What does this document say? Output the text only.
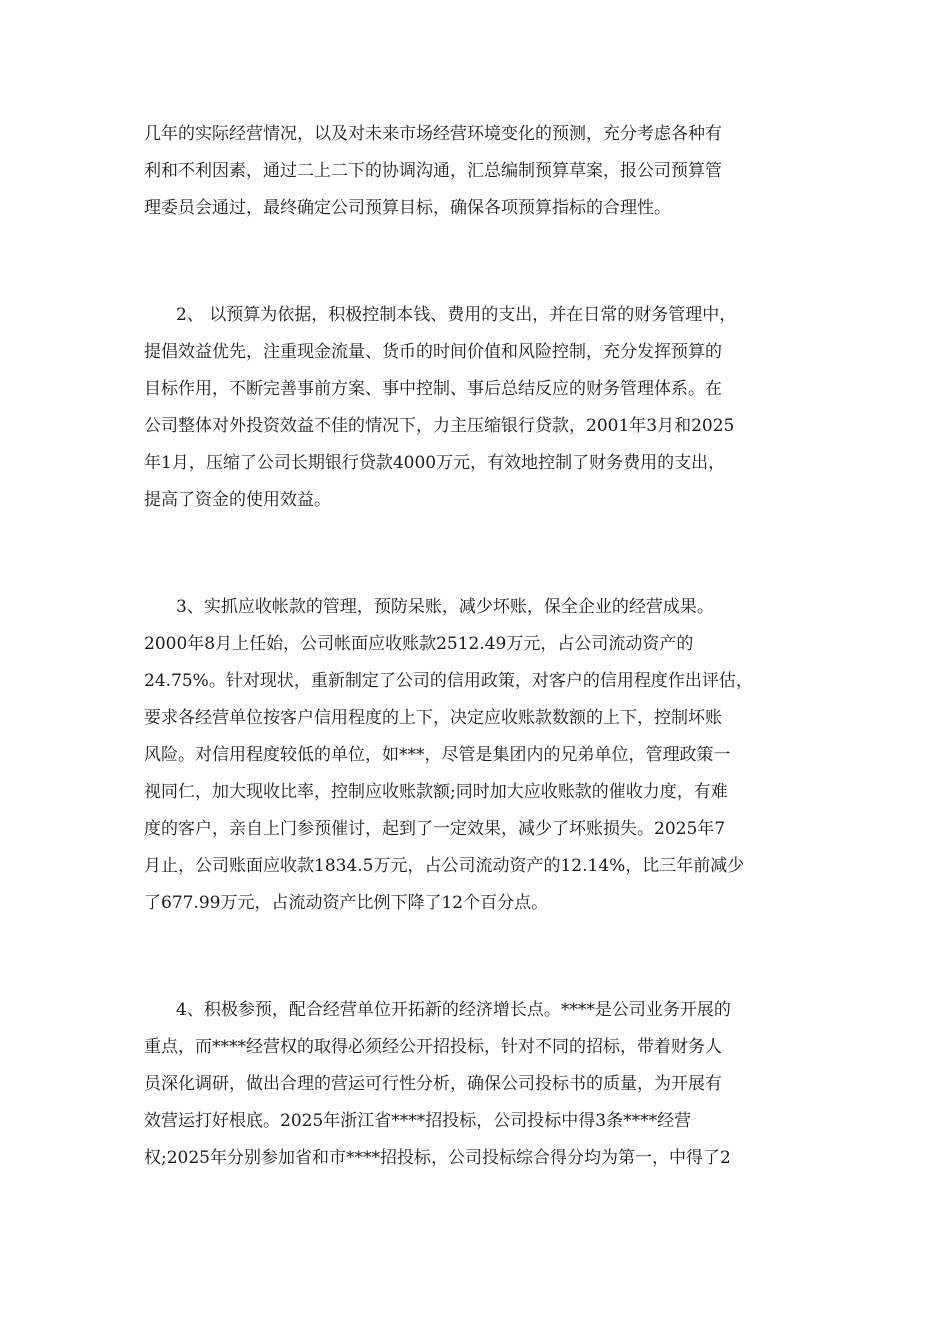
几年的实际经营情况，以及对未来市场经营环境变化的预测，充分考虑各种有
利和不利因素，通过二上二下的协调沟通，汇总编制预算草案，报公司预算管
理委员会通过，最终确定公司预算目标，确保各项预算指标的合理性。
2、 以预算为依据，积极控制本钱、费用的支出，并在日常的财务管理中，
提倡效益优先，注重现金流量、货币的时间价值和风险控制，充分发挥预算的
目标作用，不断完善事前方案、事中控制、事后总结反应的财务管理体系。在
公司整体对外投资效益不佳的情况下，力主压缩银行贷款，2001年3月和2025
年1月，压缩了公司长期银行贷款4000万元，有效地控制了财务费用的支出，
提高了资金的使用效益。
3、实抓应收帐款的管理，预防呆账，减少坏账，保全企业的经营成果。
2000年8月上任始，公司帐面应收账款2512.49万元，占公司流动资产的
24.75%。针对现状，重新制定了公司的信用政策，对客户的信用程度作出评估，
要求各经营单位按客户信用程度的上下，决定应收账款数额的上下，控制坏账
风险。对信用程度较低的单位，如***，尽管是集团内的兄弟单位，管理政策一
视同仁，加大现收比率，控制应收账款额;同时加大应收账款的催收力度，有难
度的客户，亲自上门参预催讨，起到了一定效果，减少了坏账损失。2025年7
月止，公司账面应收款1834.5万元，占公司流动资产的12.14%，比三年前减少
了677.99万元，占流动资产比例下降了12个百分点。
4、积极参预，配合经营单位开拓新的经济增长点。****是公司业务开展的
重点，而****经营权的取得必须经公开招投标，针对不同的招标，带着财务人
员深化调研，做出合理的营运可行性分析，确保公司投标书的质量，为开展有
效营运打好根底。2025年浙江省****招投标，公司投标中得3条****经营
权;2025年分别参加省和市****招投标，公司投标综合得分均为第一，中得了2
